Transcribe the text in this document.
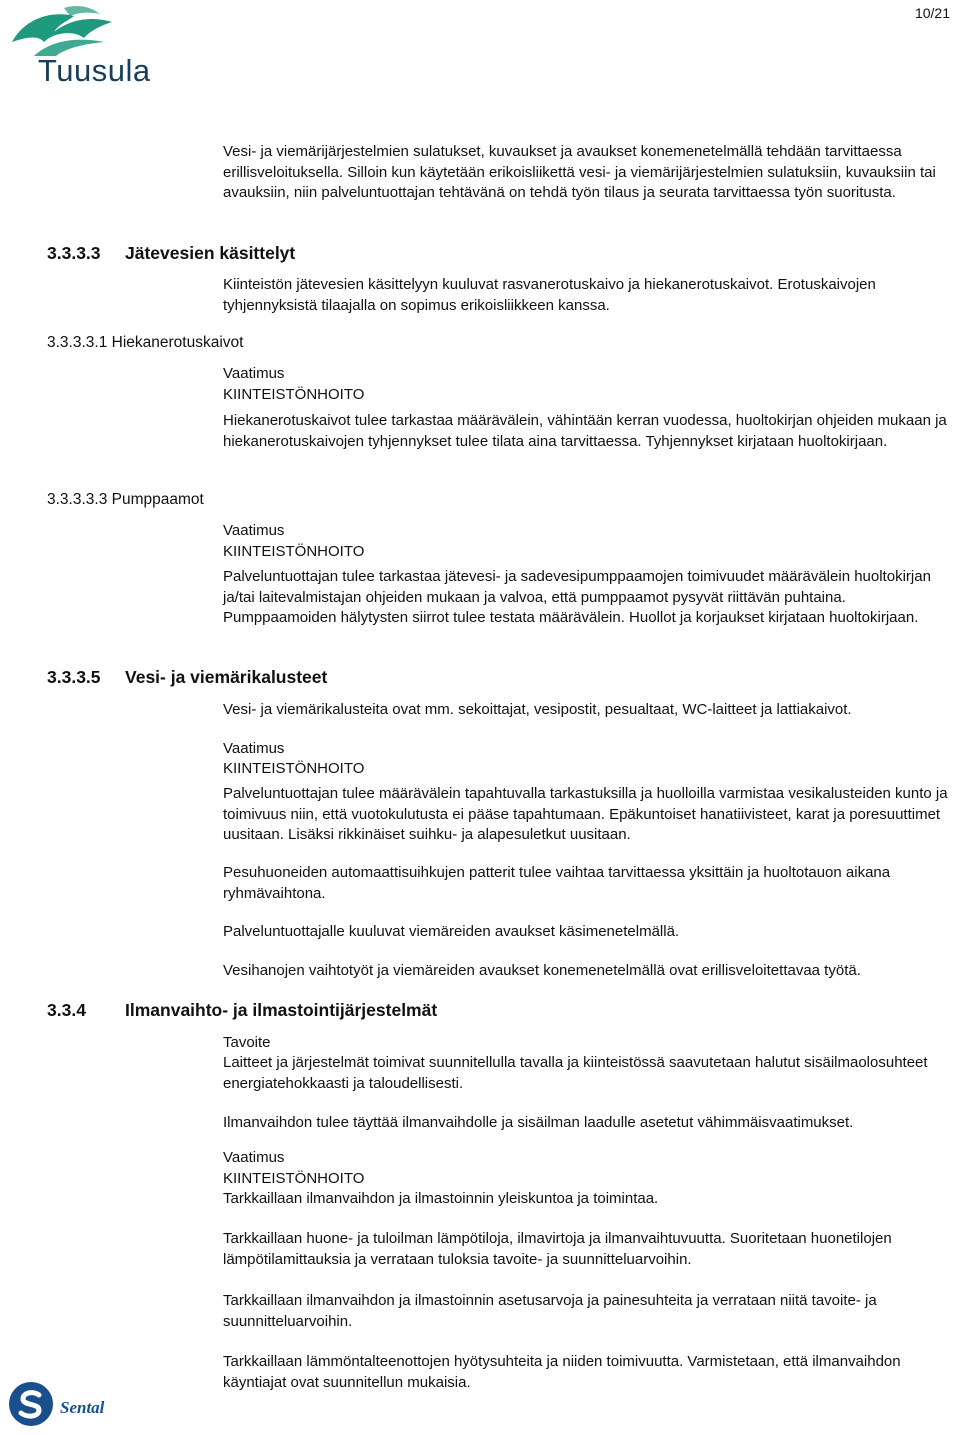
Tuusula
10/21

Vesi- ja viemärijärjestelmien sulatukset, kuvaukset ja avaukset konemenetelmällä tehdään tarvittaessa erillisveloituksella. Silloin kun käytetään erikoisliikettä vesi- ja viemärijärjestelmien sulatuksiin, kuvauksiin tai avauksiin, niin palveluntuottajan tehtävänä on tehdä työn tilaus ja seurata tarvittaessa työn suoritusta.

3.3.3.3 Jätevesien käsittelyt

Kiinteistön jätevesien käsittelyyn kuuluvat rasvanerotuskaivo ja hiekanerotuskaivot. Erotuskaivojen tyhjennyksistä tilaajalla on sopimus erikoisliikkeen kanssa.

3.3.3.3.1 Hiekanerotuskaivot
Vaatimus
KIINTEISTÖNHOITO

Hiekanerotuskaivot tulee tarkastaa määrävälein, vähintään kerran vuodessa, huoltokirjan ohjeiden mukaan ja hiekanerotuskaivojen tyhjennykset tulee tilata aina tarvittaessa. Tyhjennykset kirjataan huoltokirjaan.

3.3.3.3.3 Pumppaamot
Vaatimus
KIINTEISTÖNHOITO

Palveluntuottajan tulee tarkastaa jätevesi- ja sadevesipumppaamojen toimivuudet määrävälein huoltokirjan ja/tai laitevalmistajan ohjeiden mukaan ja valvoa, että pumppaamot pysyvät riittävän puhtaina. Pumppaamoiden hälytysten siirrot tulee testata määrävälein. Huollot ja korjaukset kirjataan huoltokirjaan.

3.3.3.5 Vesi- ja viemärikalusteet

Vesi- ja viemärikalusteita ovat mm. sekoittajat, vesipostit, pesualtaat, WC-laitteet ja lattiakaivot.

Vaatimus
KIINTEISTÖNHOITO

Palveluntuottajan tulee määrävälein tapahtuvalla tarkastuksilla ja huolloilla varmistaa vesikalusteiden kunto ja toimivuus niin, että vuotokulutusta ei pääse tapahtumaan. Epäkuntoiset hanatiivisteet, karat ja poresuuttimet uusitaan. Lisäksi rikkinäiset suihku- ja alapesuletkut uusitaan.

Pesuhuoneiden automaattisuihkujen patterit tulee vaihtaa tarvittaessa yksittäin ja huoltotauon aikana ryhmävaihtona.

Palveluntuottajalle kuuluvat viemäreiden avaukset käsimenetelmällä.

Vesihanojen vaihtotyöt ja viemäreiden avaukset konemenetelmällä ovat erillisveloitettavaa työtä.

3.3.4 Ilmanvaihto- ja ilmastointijärjestelmät
Tavoite

Laitteet ja järjestelmät toimivat suunnitellulla tavalla ja kiinteistössä saavutetaan halutut sisäilmaolosuhteet energiatehokkaasti ja taloudellisesti.

Ilmanvaihdon tulee täyttää ilmanvaihdolle ja sisäilman laadulle asetetut vähimmäisvaatimukset.

Vaatimus
KIINTEISTÖNHOITO

Tarkkaillaan ilmanvaihdon ja ilmastoinnin yleiskuntoa ja toimintaa.

Tarkkaillaan huone- ja tuloilman lämpötiloja, ilmavirtoja ja ilmanvaihtuvuutta. Suoritetaan huonetilojen lämpötilamittauksia ja verrataan tuloksia tavoite- ja suunnitteluarvoihin.

Tarkkaillaan ilmanvaihdon ja ilmastoinnin asetusarvoja ja painesuhteita ja verrataan niitä tavoite- ja suunnitteluarvoihin.

Tarkkaillaan lämmöntalteenottojen hyötysuhteita ja niiden toimivuutta. Varmistetaan, että ilmanvaihdon käyntiajat ovat suunnitellun mukaisia.

Sental
